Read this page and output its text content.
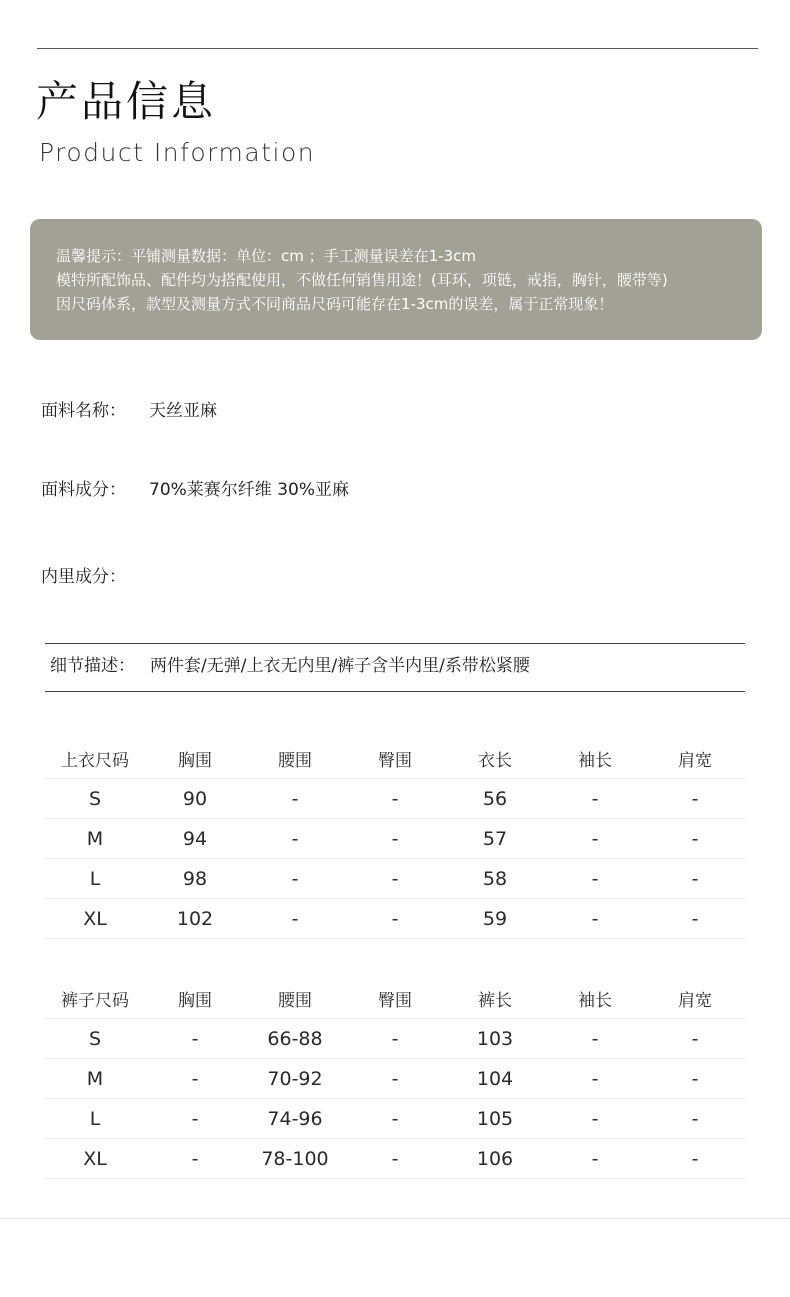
产品信息
Product Information
温馨提示：平铺测量数据：单位：cm ；手工测量误差在1-3cm
模特所配饰品、配件均为搭配使用，不做任何销售用途！(耳环，项链，戒指，胸针，腰带等)
因尺码体系，款型及测量方式不同商品尺码可能存在1-3cm的误差，属于正常现象！
面料名称： 天丝亚麻
面料成分： 70%莱赛尔纤维 30%亚麻
内里成分：
细节描述： 两件套/无弹/上衣无内里/裤子含半内里/系带松紧腰
上衣尺码	胸围	腰围	臀围	衣长	袖长	肩宽
S	90	-	-	56	-	-
M	94	-	-	57	-	-
L	98	-	-	58	-	-
XL	102	-	-	59	-	-
裤子尺码	胸围	腰围	臀围	裤长	袖长	肩宽
S	-	66-88	-	103	-	-
M	-	70-92	-	104	-	-
L	-	74-96	-	105	-	-
XL	-	78-100	-	106	-	-
